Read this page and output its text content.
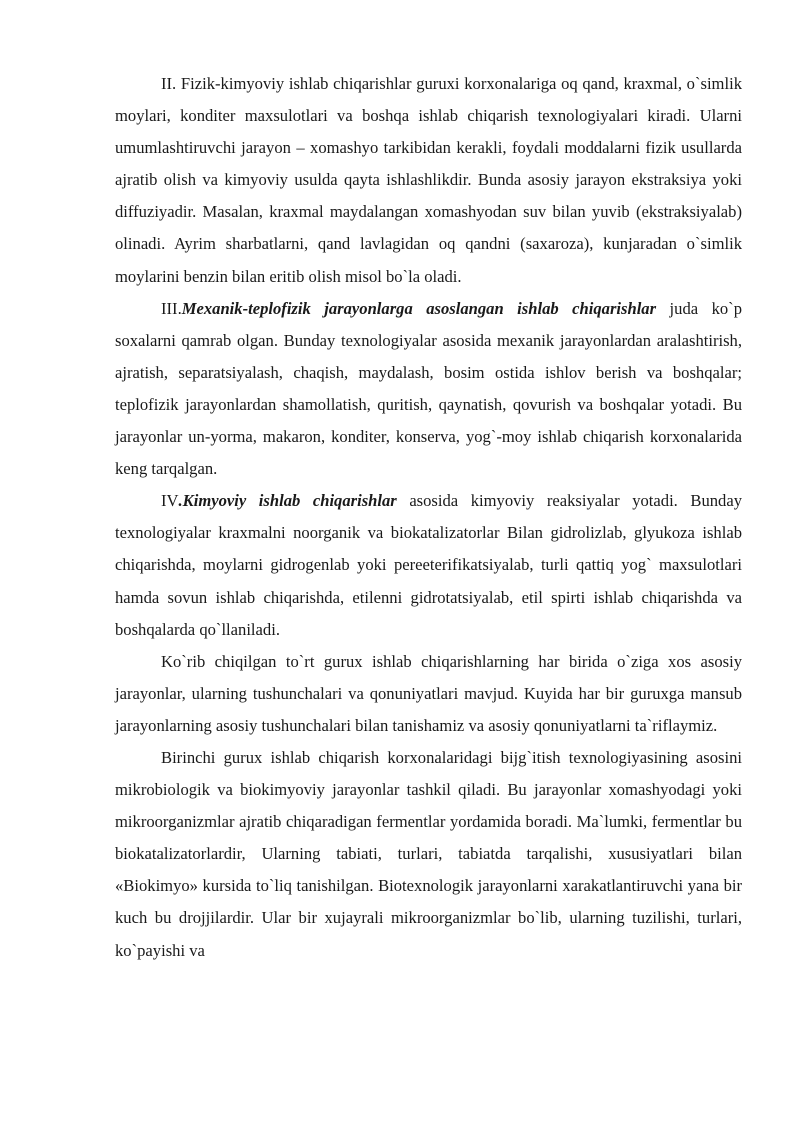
II. Fizik-kimyoviy ishlab chiqarishlar guruxi korxonalariga oq qand, kraxmal, o`simlik moylari, konditer maxsulotlari va boshqa ishlab chiqarish texnologiyalari kiradi. Ularni umumlashtiruvchi jarayon – xomashyo tarkibidan kerakli, foydali moddalarni fizik usullarda ajratib olish va kimyoviy usulda qayta ishlashlikdir. Bunda asosiy jarayon ekstraksiya yoki diffuziyadir. Masalan, kraxmal maydalangan xomashyodan suv bilan yuvib (ekstraksiyalab) olinadi. Ayrim sharbatlarni, qand lavlagidan oq qandni (saxaroza), kunjaradan o`simlik moylarini benzin bilan eritib olish misol bo`la oladi.

III.Mexanik-teplofizik jarayonlarga asoslangan ishlab chiqarishlar juda ko`p soxalarni qamrab olgan. Bunday texnologiyalar asosida mexanik jarayonlardan aralashtirish, ajratish, separatsiyalash, chaqish, maydalash, bosim ostida ishlov berish va boshqalar; teplofizik jarayonlardan shamollatish, quritish, qaynatish, qovurish va boshqalar yotadi. Bu jarayonlar un-yorma, makaron, konditer, konserva, yog`-moy ishlab chiqarish korxonalarida keng tarqalgan.

IV.Kimyoviy ishlab chiqarishlar asosida kimyoviy reaksiyalar yotadi. Bunday texnologiyalar kraxmalni noorganik va biokatalizatorlar Bilan gidrolizlab, glyukoza ishlab chiqarishda, moylarni gidrogenlab yoki pereeterifikatsiyalab, turli qattiq yog` maxsulotlari hamda sovun ishlab chiqarishda, etilenni gidrotatsiyalab, etil spirti ishlab chiqarishda va boshqalarda qo`llaniladi.

Ko`rib chiqilgan to`rt gurux ishlab chiqarishlarning har birida o`ziga xos asosiy jarayonlar, ularning tushunchalari va qonuniyatlari mavjud. Kuyida har bir guruxga mansub jarayonlarning asosiy tushunchalari bilan tanishamiz va asosiy qonuniyatlarni ta`riflaymiz.

Birinchi gurux ishlab chiqarish korxonalaridagi bijg`itish texnologiyasining asosini mikrobiologik va biokimyoviy jarayonlar tashkil qiladi. Bu jarayonlar xomashyodagi yoki mikroorganizmlar ajratib chiqaradigan fermentlar yordamida boradi. Ma`lumki, fermentlar bu biokatalizatorlardir, Ularning tabiati, turlari, tabiatda tarqalishi, xususiyatlari bilan «Biokimyo» kursida to`liq tanishilgan. Biotexnologik jarayonlarni xarakatlantiruvchi yana bir kuch bu drojjilardir. Ular bir xujayrali mikroorganizmlar bo`lib, ularning tuzilishi, turlari, ko`payishi va
